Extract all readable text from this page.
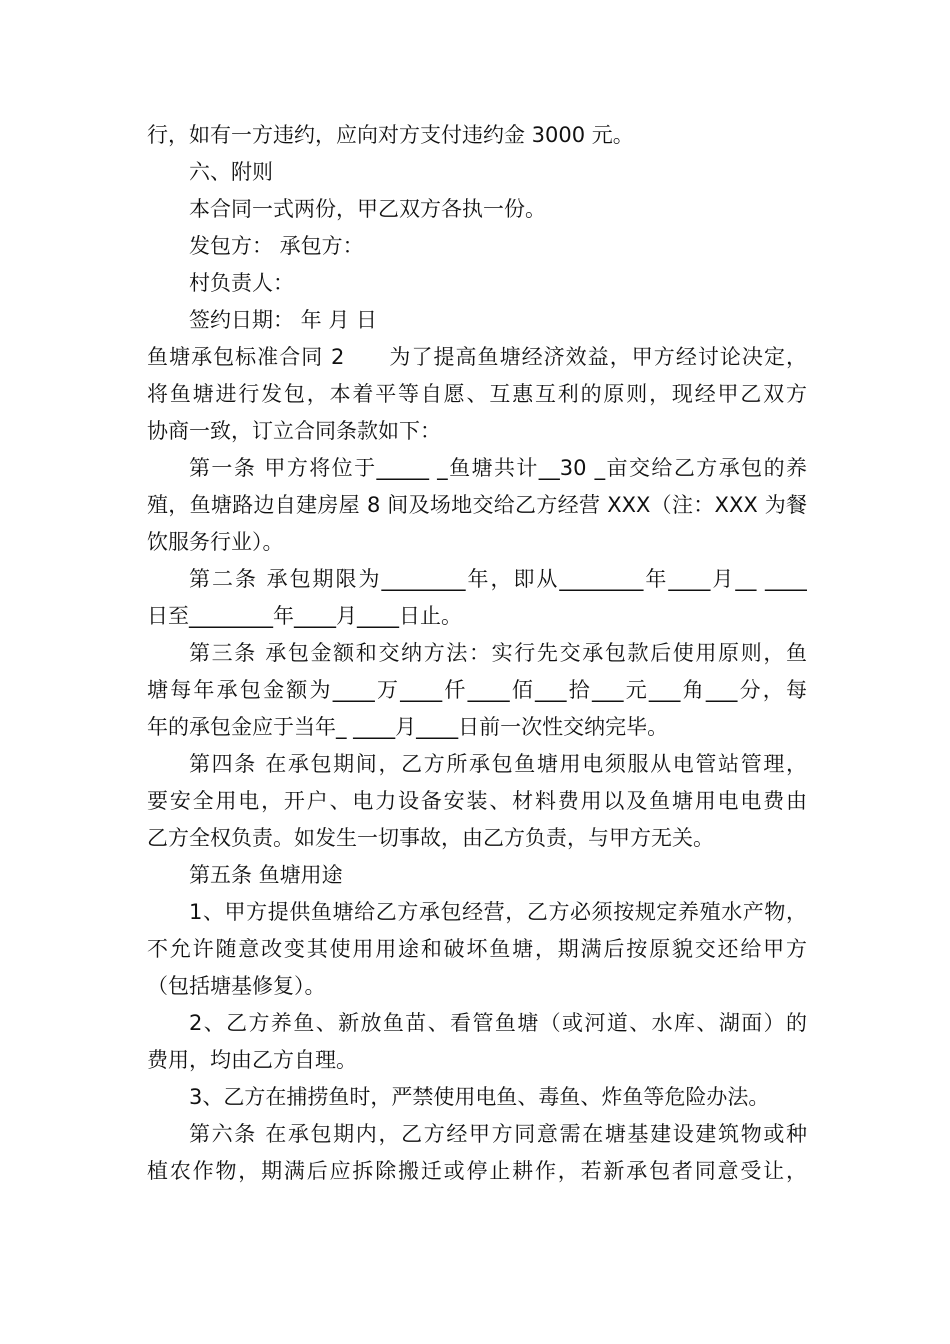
行，如有一方违约，应向对方支付违约金 3000 元。
六、附则
本合同一式两份，甲乙双方各执一份。
发包方： 承包方：
村负责人：
签约日期： 年 月 日
鱼塘承包标准合同 2　　为了提高鱼塘经济效益，甲方经讨论决定，
将鱼塘进行发包，本着平等自愿、互惠互利的原则，现经甲乙双方
协商一致，订立合同条款如下：
第一条 甲方将位于_____ _鱼塘共计__30 _亩交给乙方承包的养
殖，鱼塘路边自建房屋 8 间及场地交给乙方经营 XXX（注：XXX 为餐
饮服务行业）。
第二条 承包期限为________年，即从________年____月__ ____
日至________年____月____日止。
第三条 承包金额和交纳方法：实行先交承包款后使用原则，鱼
塘每年承包金额为____万____仟____佰___拾___元___角___分，每
年的承包金应于当年_ ____月____日前一次性交纳完毕。
第四条 在承包期间，乙方所承包鱼塘用电须服从电管站管理，
要安全用电，开户、电力设备安装、材料费用以及鱼塘用电电费由
乙方全权负责。如发生一切事故，由乙方负责，与甲方无关。
第五条 鱼塘用途
1、甲方提供鱼塘给乙方承包经营，乙方必须按规定养殖水产物，
不允许随意改变其使用用途和破坏鱼塘，期满后按原貌交还给甲方
（包括塘基修复）。
2、乙方养鱼、新放鱼苗、看管鱼塘（或河道、水库、湖面）的
费用，均由乙方自理。
3、乙方在捕捞鱼时，严禁使用电鱼、毒鱼、炸鱼等危险办法。
第六条 在承包期内，乙方经甲方同意需在塘基建设建筑物或种
植农作物，期满后应拆除搬迁或停止耕作，若新承包者同意受让，
